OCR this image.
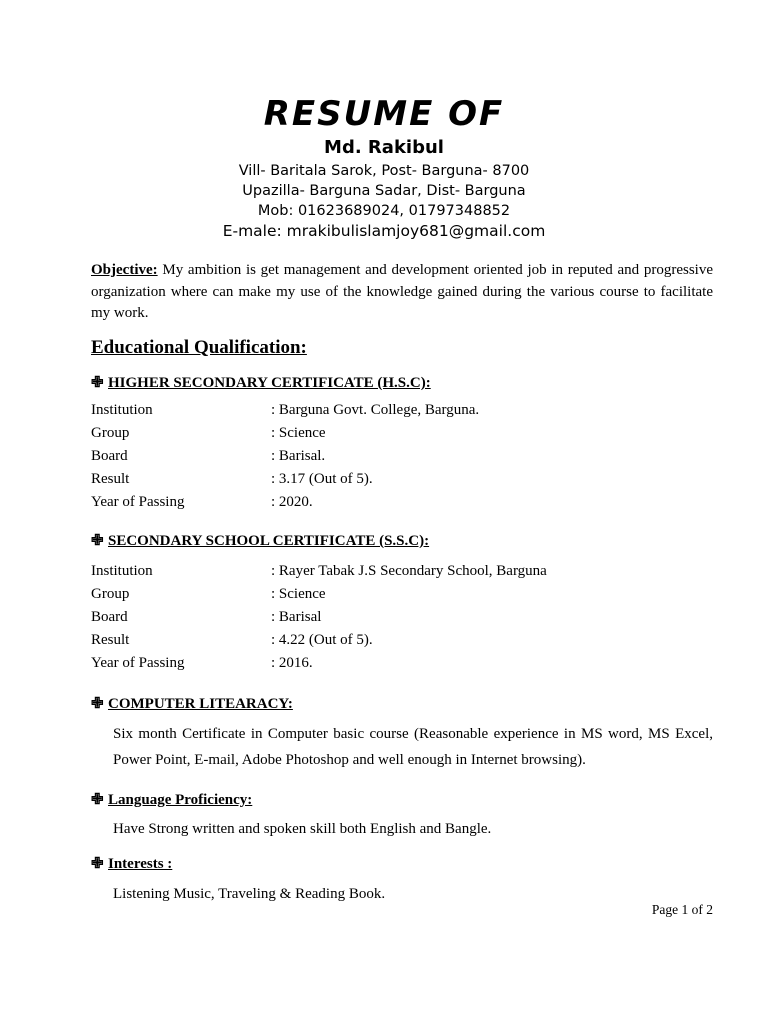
RESUME OF
Md. Rakibul
Vill- Baritala Sarok, Post- Barguna- 8700
Upazilla- Barguna Sadar, Dist- Barguna
Mob: 01623689024, 01797348852
E-male: mrakibulislamjoy681@gmail.com
Objective: My ambition is get management and development oriented job in reputed and progressive organization where can make my use of the knowledge gained during the various course to facilitate my work.
Educational Qualification:
✙ HIGHER SECONDARY CERTIFICATE (H.S.C):
Institution	: Barguna Govt. College, Barguna.
Group	: Science
Board	: Barisal.
Result	: 3.17 (Out of 5).
Year of Passing	: 2020.
✙ SECONDARY SCHOOL CERTIFICATE (S.S.C):
Institution	: Rayer Tabak J.S Secondary School, Barguna
Group	: Science
Board	: Barisal
Result	: 4.22 (Out of 5).
Year of Passing	: 2016.
✙ COMPUTER LITEARACY:
Six month Certificate in Computer basic course (Reasonable experience in MS word, MS Excel, Power Point, E-mail, Adobe Photoshop and well enough in Internet browsing).
✙ Language Proficiency:
Have Strong written and spoken skill both English and Bangle.
✙ Interests :
Listening Music, Traveling & Reading Book.
Page 1 of 2
